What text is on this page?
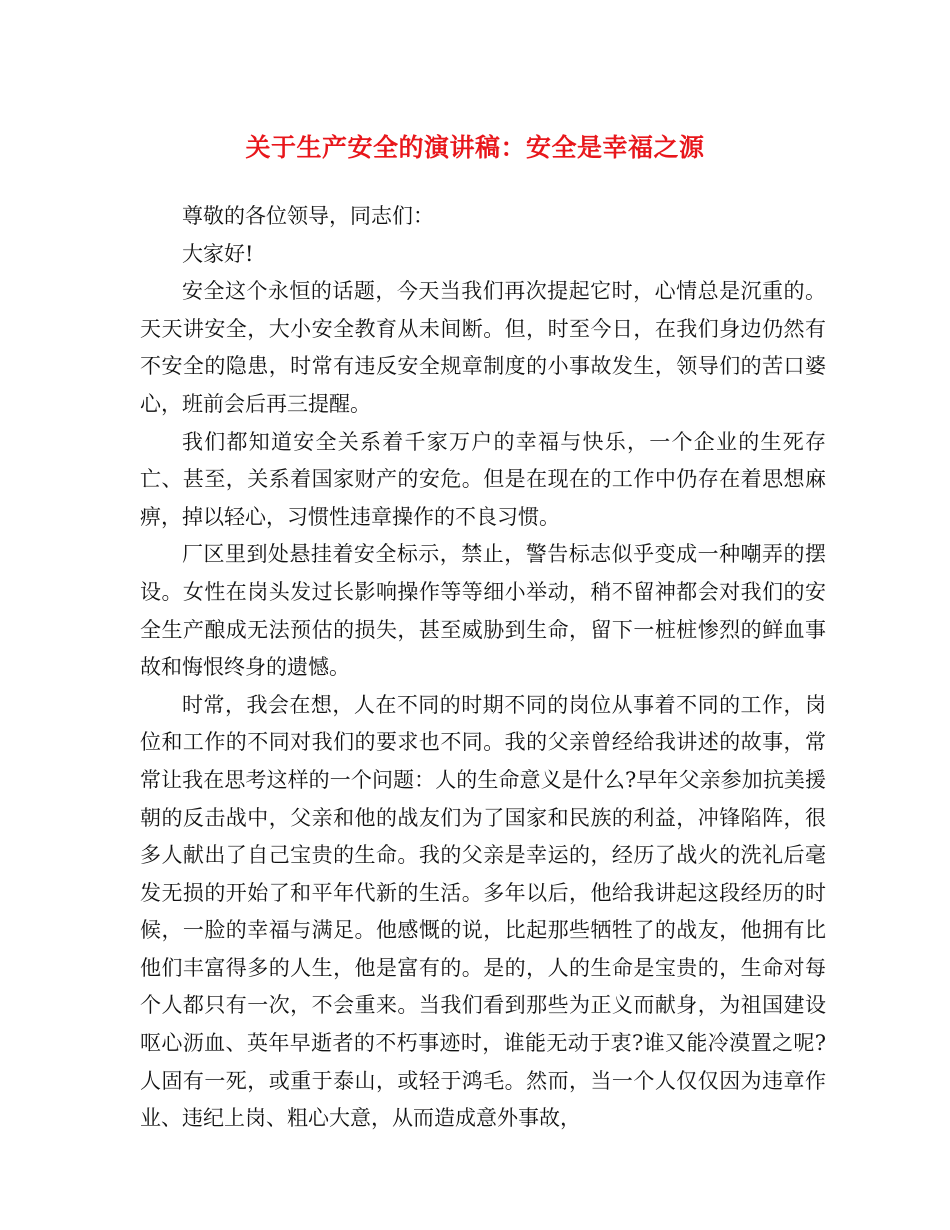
关于生产安全的演讲稿：安全是幸福之源

尊敬的各位领导，同志们：

大家好!

安全这个永恒的话题，今天当我们再次提起它时，心情总是沉重的。天天讲安全，大小安全教育从未间断。但，时至今日，在我们身边仍然有不安全的隐患，时常有违反安全规章制度的小事故发生，领导们的苦口婆心，班前会后再三提醒。

我们都知道安全关系着千家万户的幸福与快乐，一个企业的生死存亡、甚至，关系着国家财产的安危。但是在现在的工作中仍存在着思想麻痹，掉以轻心，习惯性违章操作的不良习惯。

厂区里到处悬挂着安全标示，禁止，警告标志似乎变成一种嘲弄的摆设。女性在岗头发过长影响操作等等细小举动，稍不留神都会对我们的安全生产酿成无法预估的损失，甚至威胁到生命，留下一桩桩惨烈的鲜血事故和悔恨终身的遗憾。

时常，我会在想，人在不同的时期不同的岗位从事着不同的工作，岗位和工作的不同对我们的要求也不同。我的父亲曾经给我讲述的故事，常常让我在思考这样的一个问题：人的生命意义是什么?早年父亲参加抗美援朝的反击战中，父亲和他的战友们为了国家和民族的利益，冲锋陷阵，很多人献出了自己宝贵的生命。我的父亲是幸运的，经历了战火的洗礼后毫发无损的开始了和平年代新的生活。多年以后，他给我讲起这段经历的时候，一脸的幸福与满足。他感慨的说，比起那些牺牲了的战友，他拥有比他们丰富得多的人生，他是富有的。是的，人的生命是宝贵的，生命对每个人都只有一次，不会重来。当我们看到那些为正义而献身，为祖国建设呕心沥血、英年早逝者的不朽事迹时，谁能无动于衷?谁又能冷漠置之呢?人固有一死，或重于泰山，或轻于鸿毛。然而，当一个人仅仅因为违章作业、违纪上岗、粗心大意，从而造成意外事故，
